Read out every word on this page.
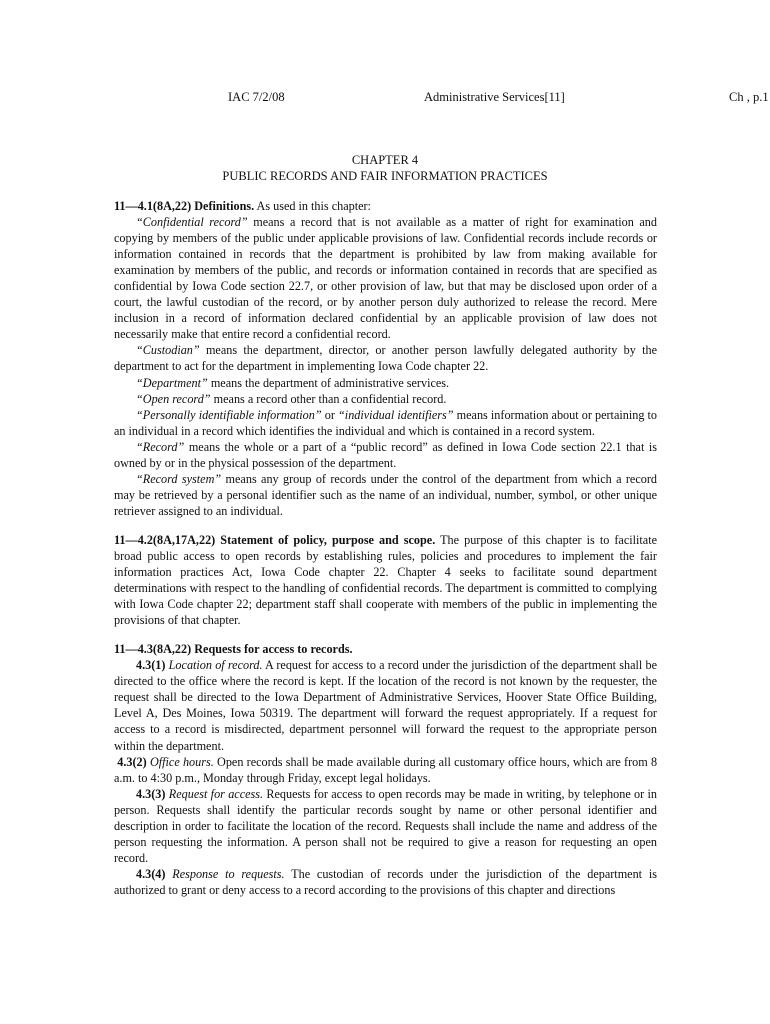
IAC 7/2/08	Administrative Services[11]	Ch , p.1
CHAPTER 4
PUBLIC RECORDS AND FAIR INFORMATION PRACTICES

11—4.1(8A,22) Definitions. As used in this chapter:

“Confidential record” means a record that is not available as a matter of right for examination and copying by members of the public under applicable provisions of law. Confidential records include records or information contained in records that the department is prohibited by law from making available for examination by members of the public, and records or information contained in records that are specified as confidential by Iowa Code section 22.7, or other provision of law, but that may be disclosed upon order of a court, the lawful custodian of the record, or by another person duly authorized to release the record. Mere inclusion in a record of information declared confidential by an applicable provision of law does not necessarily make that entire record a confidential record.

“Custodian” means the department, director, or another person lawfully delegated authority by the department to act for the department in implementing Iowa Code chapter 22.

“Department” means the department of administrative services.

“Open record” means a record other than a confidential record.

“Personally identifiable information” or “individual identifiers” means information about or pertaining to an individual in a record which identifies the individual and which is contained in a record system.

“Record” means the whole or a part of a “public record” as defined in Iowa Code section 22.1 that is owned by or in the physical possession of the department.

“Record system” means any group of records under the control of the department from which a record may be retrieved by a personal identifier such as the name of an individual, number, symbol, or other unique retriever assigned to an individual.

11—4.2(8A,17A,22) Statement of policy, purpose and scope. The purpose of this chapter is to facilitate broad public access to open records by establishing rules, policies and procedures to implement the fair information practices Act, Iowa Code chapter 22. Chapter 4 seeks to facilitate sound department determinations with respect to the handling of confidential records. The department is committed to complying with Iowa Code chapter 22; department staff shall cooperate with members of the public in implementing the provisions of that chapter.

11—4.3(8A,22) Requests for access to records.

4.3(1) Location of record. A request for access to a record under the jurisdiction of the department shall be directed to the office where the record is kept. If the location of the record is not known by the requester, the request shall be directed to the Iowa Department of Administrative Services, Hoover State Office Building, Level A, Des Moines, Iowa 50319. The department will forward the request appropriately. If a request for access to a record is misdirected, department personnel will forward the request to the appropriate person within the department.

4.3(2) Office hours. Open records shall be made available during all customary office hours, which are from 8 a.m. to 4:30 p.m., Monday through Friday, except legal holidays.

4.3(3) Request for access. Requests for access to open records may be made in writing, by telephone or in person. Requests shall identify the particular records sought by name or other personal identifier and description in order to facilitate the location of the record. Requests shall include the name and address of the person requesting the information. A person shall not be required to give a reason for requesting an open record.

4.3(4) Response to requests. The custodian of records under the jurisdiction of the department is authorized to grant or deny access to a record according to the provisions of this chapter and directions
